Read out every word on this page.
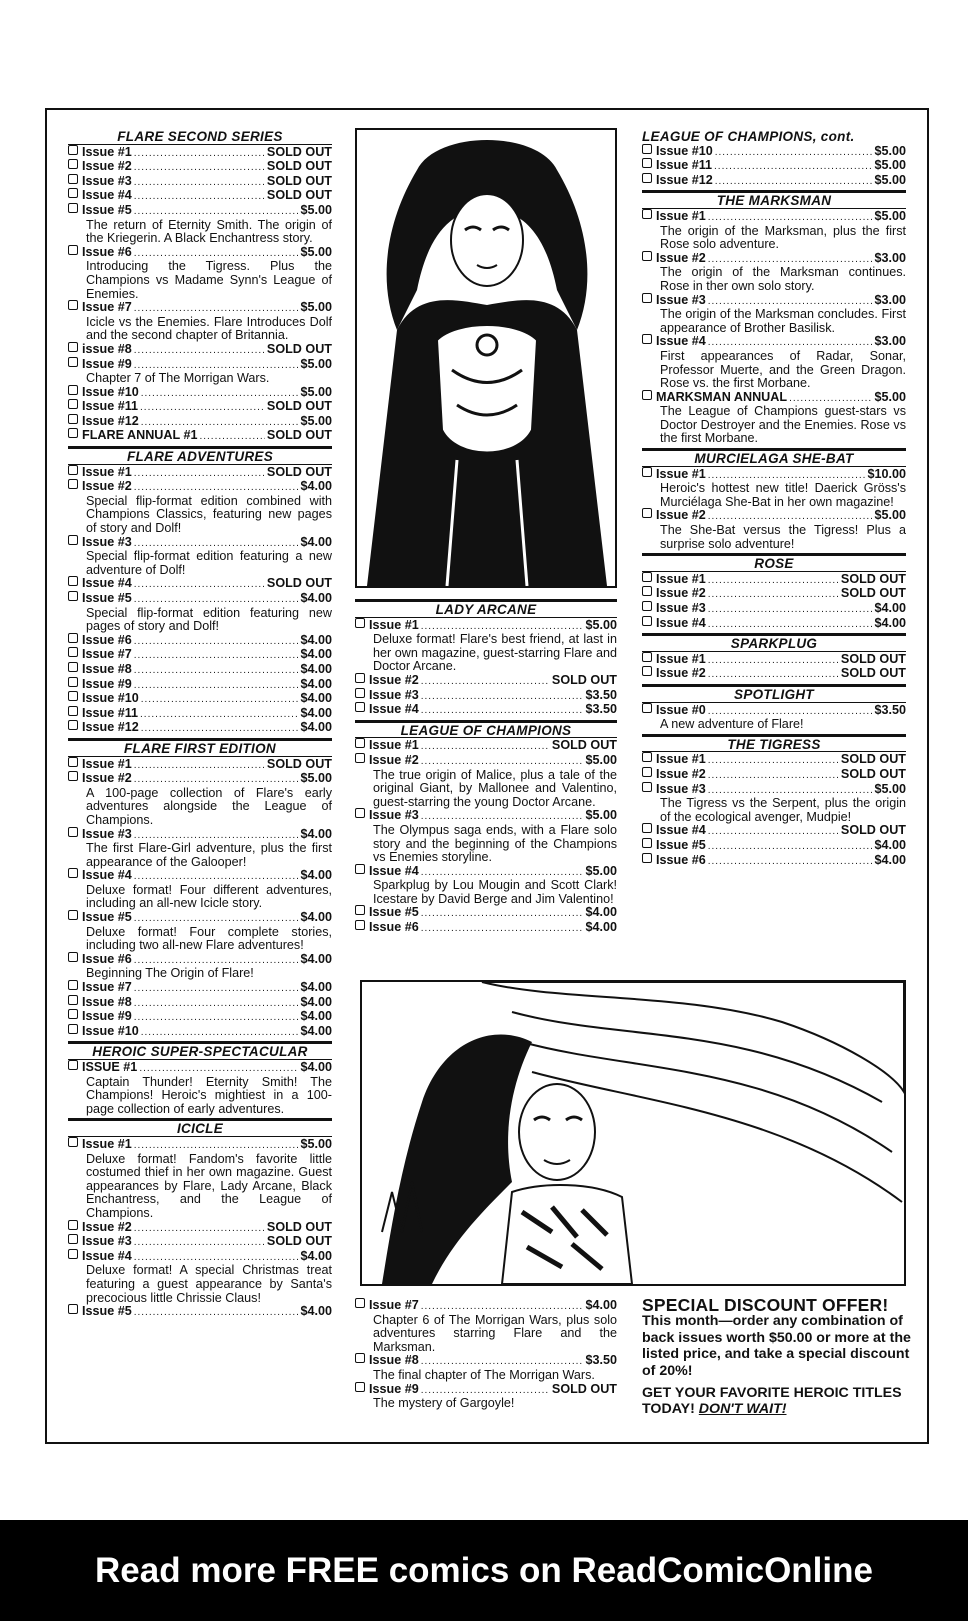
FLARE SECOND SERIES
Issue #1 .....	SOLD OUT
Issue #2 .....	SOLD OUT
Issue #3 .....	SOLD OUT
Issue #4 .....	SOLD OUT
Issue #5 .....	$5.00
The return of Eternity Smith. The origin of the Kriegerin. A Black Enchantress story.
Issue #6 .....	$5.00
Introducing the Tigress. Plus the Champions vs Madame Synn's League of Enemies.
Issue #7 .....	$5.00
Icicle vs the Enemies. Flare Introduces Dolf and the second chapter of Britannia.
issue #8 .....	SOLD OUT
Issue #9 .....	$5.00
Chapter 7 of The Morrigan Wars.
Issue #10 .....	$5.00
Issue #11 .....	SOLD OUT
Issue #12 .....	$5.00
FLARE ANNUAL #1 .....	SOLD OUT
FLARE ADVENTURES
Issue #1 .....	SOLD OUT
Issue #2 .....	$4.00
Special flip-format edition combined with Champions Classics, featuring new pages of story and Dolf!
Issue #3 .....	$4.00
Special flip-format edition featuring a new adventure of Dolf!
Issue #4 .....	SOLD OUT
Issue #5 .....	$4.00
Special flip-format edition featuring new pages of story and Dolf!
Issue #6 .....	$4.00
Issue #7 .....	$4.00
Issue #8 .....	$4.00
Issue #9 .....	$4.00
Issue #10 .....	$4.00
Issue #11 .....	$4.00
Issue #12 .....	$4.00
FLARE FIRST EDITION
Issue #1 .....	SOLD OUT
Issue #2 .....	$5.00
A 100-page collection of Flare's early adventures alongside the League of Champions.
Issue #3 .....	$4.00
The first Flare-Girl adventure, plus the first appearance of the Galooper!
Issue #4 .....	$4.00
Deluxe format! Four different adventures, including an all-new Icicle story.
Issue #5 .....	$4.00
Deluxe format! Four complete stories, including two all-new Flare adventures!
Issue #6 .....	$4.00
Beginning The Origin of Flare!
Issue #7 .....	$4.00
Issue #8 .....	$4.00
Issue #9 .....	$4.00
Issue #10 .....	$4.00
HEROIC SUPER-SPECTACULAR
ISSUE #1 .....	$4.00
Captain Thunder! Eternity Smith! The Champions! Heroic's mightiest in a 100-page collection of early adventures.
ICICLE
Issue #1 .....	$5.00
Deluxe format! Fandom's favorite little costumed thief in her own magazine. Guest appearances by Flare, Lady Arcane, Black Enchantress, and the League of Champions.
Issue #2 .....	SOLD OUT
Issue #3 .....	SOLD OUT
Issue #4 .....	$4.00
Deluxe format! A special Christmas treat featuring a guest appearance by Santa's precocious little Chrissie Claus!
Issue #5 .....	$4.00
LADY ARCANE
Issue #1 .....	$5.00
Deluxe format! Flare's best friend, at last in her own magazine, guest-starring Flare and Doctor Arcane.
Issue #2 .....	SOLD OUT
Issue #3 .....	$3.50
Issue #4 .....	$3.50
LEAGUE OF CHAMPIONS
Issue #1 .....	SOLD OUT
Issue #2 .....	$5.00
The true origin of Malice, plus a tale of the original Giant, by Mallonee and Valentino, guest-starring the young Doctor Arcane.
Issue #3 .....	$5.00
The Olympus saga ends, with a Flare solo story and the beginning of the Champions vs Enemies storyline.
Issue #4 .....	$5.00
Sparkplug by Lou Mougin and Scott Clark! Icestare by David Berge and Jim Valentino!
Issue #5 .....	$4.00
Issue #6 .....	$4.00
LEAGUE OF CHAMPIONS, cont.
Issue #10 .....	$5.00
Issue #11 .....	$5.00
Issue #12 .....	$5.00
THE MARKSMAN
Issue #1 .....	$5.00
The origin of the Marksman, plus the first Rose solo adventure.
Issue #2 .....	$3.00
The origin of the Marksman continues. Rose in ther own solo story.
Issue #3 .....	$3.00
The origin of the Marksman concludes. First appearance of Brother Basilisk.
Issue #4 .....	$3.00
First appearances of Radar, Sonar, Professor Muerte, and the Green Dragon. Rose vs. the first Morbane.
MARKSMAN ANNUAL .....	$5.00
The League of Champions guest-stars vs Doctor Destroyer and the Enemies. Rose vs the first Morbane.
MURCIELAGA SHE-BAT
Issue #1 .....	$10.00
Heroic's hottest new title! Daerick Gröss's Murciélaga She-Bat in her own magazine!
Issue #2 .....	$5.00
The She-Bat versus the Tigress! Plus a surprise solo adventure!
ROSE
Issue #1 .....	SOLD OUT
Issue #2 .....	SOLD OUT
Issue #3 .....	$4.00
Issue #4 .....	$4.00
SPARKPLUG
Issue #1 .....	SOLD OUT
Issue #2 .....	SOLD OUT
SPOTLIGHT
Issue #0 .....	$3.50
A new adventure of Flare!
THE TIGRESS
Issue #1 .....	SOLD OUT
Issue #2 .....	SOLD OUT
Issue #3 .....	$5.00
The Tigress vs the Serpent, plus the origin of the ecological avenger, Mudpie!
Issue #4 .....	SOLD OUT
Issue #5 .....	$4.00
Issue #6 .....	$4.00
Issue #7 .....	$4.00
Chapter 6 of The Morrigan Wars, plus solo adventures starring Flare and the Marksman.
Issue #8 .....	$3.50
The final chapter of The Morrigan Wars.
Issue #9 .....	SOLD OUT
The mystery of Gargoyle!
SPECIAL DISCOUNT OFFER!
This month—order any combination of back issues worth $50.00 or more at the listed price, and take a special discount of 20%!
GET YOUR FAVORITE HEROIC TITLES TODAY! DON'T WAIT!
Read more FREE comics on ReadComicOnline
